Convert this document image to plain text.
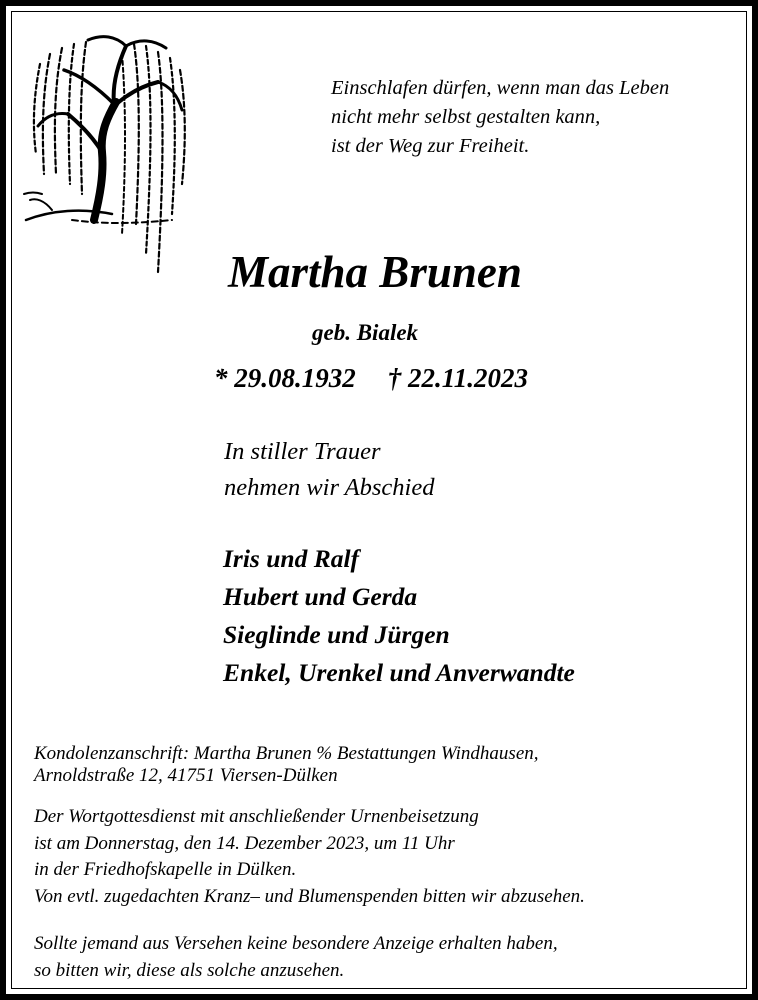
Einschlafen dürfen, wenn man das Leben
nicht mehr selbst gestalten kann,
ist der Weg zur Freiheit.
Martha Brunen
geb. Bialek
* 29.08.1932 † 22.11.2023
In stiller Trauer
nehmen wir Abschied
Iris und Ralf
Hubert und Gerda
Sieglinde und Jürgen
Enkel, Urenkel und Anverwandte
Kondolenzanschrift: Martha Brunen % Bestattungen Windhausen,
Arnoldstraße 12, 41751 Viersen-Dülken
Der Wortgottesdienst mit anschließender Urnenbeisetzung
ist am Donnerstag, den 14. Dezember 2023, um 11 Uhr
in der Friedhofskapelle in Dülken.
Von evtl. zugedachten Kranz– und Blumenspenden bitten wir abzusehen.
Sollte jemand aus Versehen keine besondere Anzeige erhalten haben,
so bitten wir, diese als solche anzusehen.
